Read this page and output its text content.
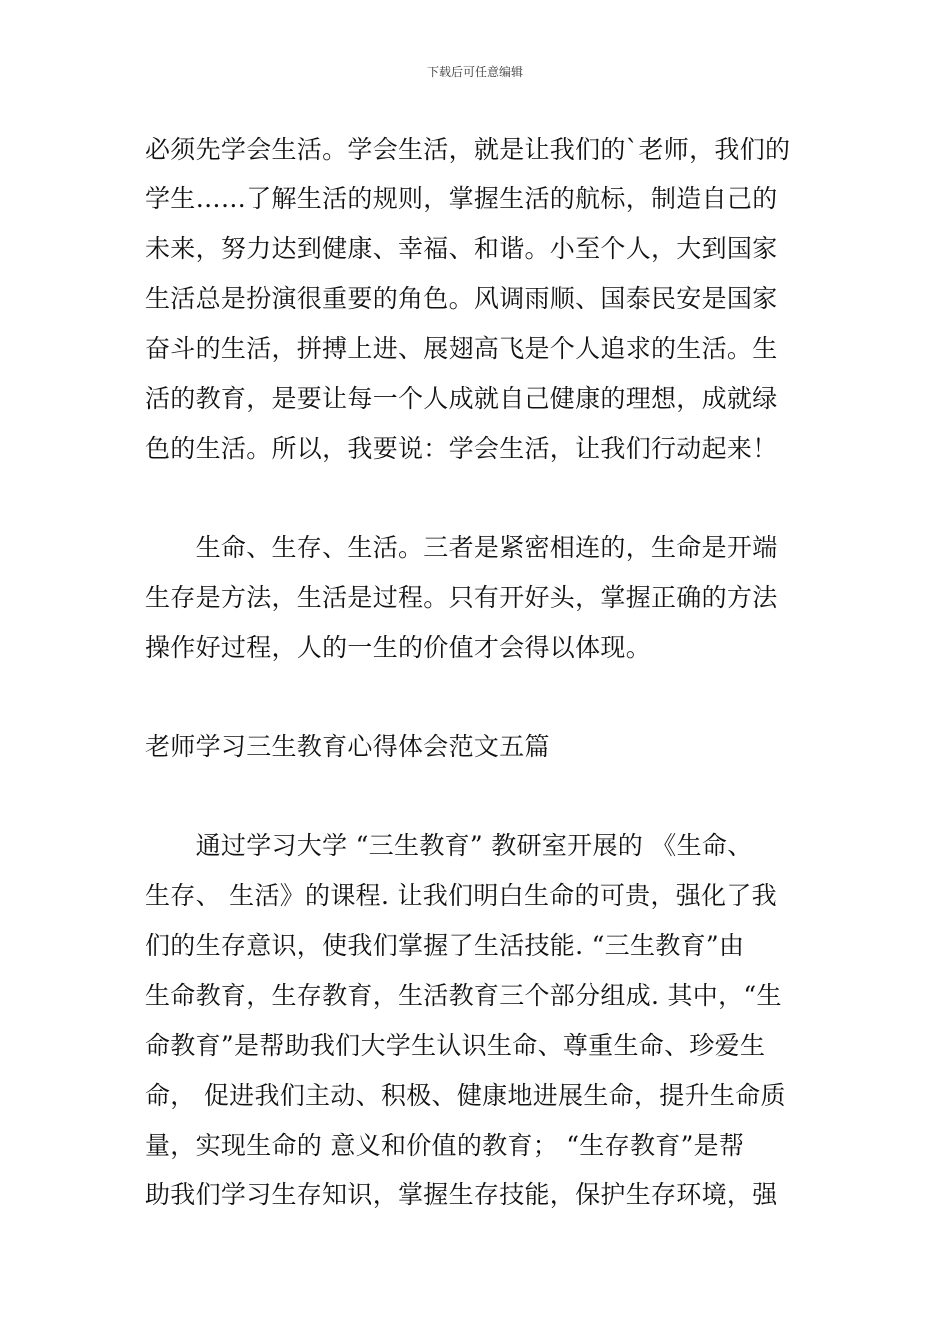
下载后可任意编辑
必须先学会生活。学会生活，就是让我们的`老师，我们的
学生……了解生活的规则，掌握生活的航标，制造自己的
未来，努力达到健康、幸福、和谐。小至个人，大到国家
生活总是扮演很重要的角色。风调雨顺、国泰民安是国家
奋斗的生活，拼搏上进、展翅高飞是个人追求的生活。生
活的教育，是要让每一个人成就自己健康的理想，成就绿
色的生活。所以，我要说：学会生活，让我们行动起来！
　　生命、生存、生活。三者是紧密相连的，生命是开端
生存是方法，生活是过程。只有开好头，掌握正确的方法
操作好过程，人的一生的价值才会得以体现。
老师学习三生教育心得体会范文五篇
　　通过学习大学 “三生教育” 教研室开展的 《生命、
生存、 生活》的课程. 让我们明白生命的可贵，强化了我
们的生存意识，使我们掌握了生活技能. “三生教育”由
生命教育，生存教育，生活教育三个部分组成. 其中，“生
命教育”是帮助我们大学生认识生命、尊重生命、珍爱生
命， 促进我们主动、积极、健康地进展生命，提升生命质
量，实现生命的 意义和价值的教育； “生存教育”是帮
助我们学习生存知识，掌握生存技能，保护生存环境，强
